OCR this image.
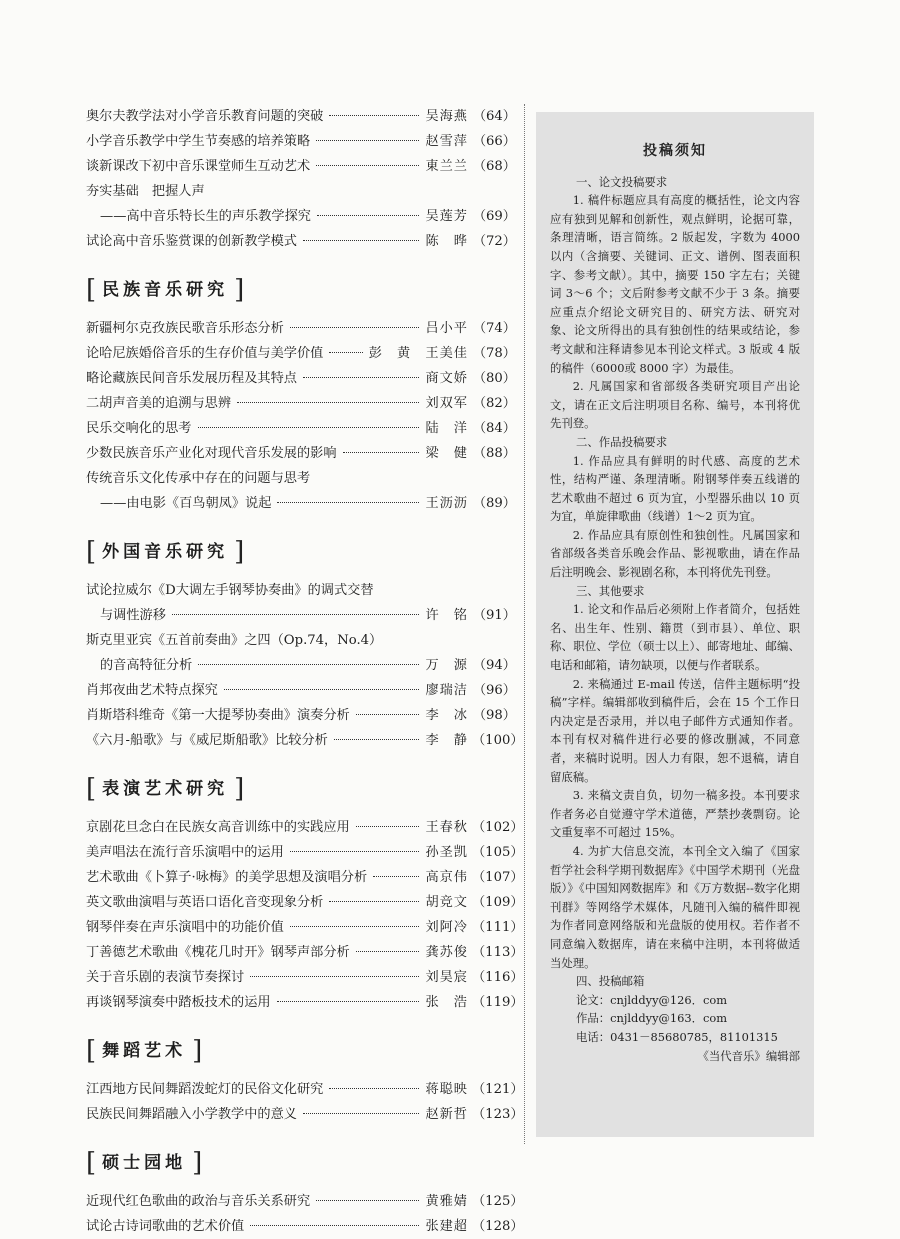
奥尔夫教学法对小学音乐教育问题的突破	吴海燕 （64）
小学音乐教学中学生节奏感的培养策略	赵雪萍 （66）
谈新课改下初中音乐课堂师生互动艺术	東兰兰 （68）
夯实基础　把握人声
——高中音乐特长生的声乐教学探究	吴莲芳 （69）
试论高中音乐鉴赏课的创新教学模式	陈　晔 （72）
[ 民族音乐研究 ]
新疆柯尔克孜族民歌音乐形态分析	吕小平 （74）
论哈尼族婚俗音乐的生存价值与美学价值	彭　黄　王美佳 （78）
略论藏族民间音乐发展历程及其特点	商文娇 （80）
二胡声音美的追溯与思辨	刘双军 （82）
民乐交响化的思考	陆　洋 （84）
少数民族音乐产业化对现代音乐发展的影响	梁　健 （88）
传统音乐文化传承中存在的问题与思考
——由电影《百鸟朝凤》说起	王沥沥 （89）
[ 外国音乐研究 ]
试论拉威尔《D大调左手钢琴协奏曲》的调式交替
与调性游移	许　铭 （91）
斯克里亚宾《五首前奏曲》之四（Op.74，No.4）
的音高特征分析	万　源 （94）
肖邦夜曲艺术特点探究	廖瑞洁 （96）
肖斯塔科维奇《第一大提琴协奏曲》演奏分析	李　冰 （98）
《六月-船歌》与《威尼斯船歌》比较分析	李　静 （100）
[ 表演艺术研究 ]
京剧花旦念白在民族女高音训练中的实践应用	王春秋 （102）
美声唱法在流行音乐演唱中的运用	孙圣凯 （105）
艺术歌曲《卜算子·咏梅》的美学思想及演唱分析	高京伟 （107）
英文歌曲演唱与英语口语化音变现象分析	胡竞文 （109）
钢琴伴奏在声乐演唱中的功能价值	刘阿冷 （111）
丁善德艺术歌曲《槐花几时开》钢琴声部分析	龚苏俊 （113）
关于音乐剧的表演节奏探讨	刘昊宸 （116）
再谈钢琴演奏中踏板技术的运用	张　浩 （119）
[ 舞蹈艺术 ]
江西地方民间舞蹈泼蛇灯的民俗文化研究	蒋聪映 （121）
民族民间舞蹈融入小学教学中的意义	赵新哲 （123）
[ 硕士园地 ]
近现代红色歌曲的政治与音乐关系研究	黄雅婧 （125）
试论古诗词歌曲的艺术价值	张建超 （128）
投稿须知
一、论文投稿要求
1. 稿件标题应具有高度的概括性，论文内容应有独到见解和创新性，观点鲜明，论据可靠，条理清晰，语言简练。2 版起发，字数为 4000 以内（含摘要、关键词、正文、谱例、图表面积字、参考文献）。其中，摘要 150 字左右；关键词 3～6 个；文后附参考文献不少于 3 条。摘要应重点介绍论文研究目的、研究方法、研究对象、论文所得出的具有独创性的结果或结论，参考文献和注释请参见本刊论文样式。3 版或 4 版的稿件（6000或 8000 字）为最佳。
2. 凡属国家和省部级各类研究项目产出论文，请在正文后注明项目名称、编号，本刊将优先刊登。
二、作品投稿要求
1. 作品应具有鲜明的时代感、高度的艺术性，结构严谨、条理清晰。附钢琴伴奏五线谱的艺术歌曲不超过 6 页为宜，小型器乐曲以 10 页为宜，单旋律歌曲（线谱）1～2 页为宜。
2. 作品应具有原创性和独创性。凡属国家和省部级各类音乐晚会作品、影视歌曲，请在作品后注明晚会、影视剧名称，本刊将优先刊登。
三、其他要求
1. 论文和作品后必须附上作者简介，包括姓名、出生年、性别、籍贯（到市县）、单位、职称、职位、学位（硕士以上）、邮寄地址、邮编、电话和邮箱，请勿缺项，以便与作者联系。
2. 来稿通过 E-mail 传送，信件主题标明“投稿”字样。编辑部收到稿件后，会在 15 个工作日内决定是否录用，并以电子邮件方式通知作者。本刊有权对稿件进行必要的修改删减，不同意者，来稿时说明。因人力有限，恕不退稿，请自留底稿。
3. 来稿文责自负，切勿一稿多投。本刊要求作者务必自觉遵守学术道德，严禁抄袭剽窃。论文重复率不可超过 15%。
4. 为扩大信息交流，本刊全文入编了《国家哲学社会科学期刊数据库》《中国学术期刊（光盘版）》《中国知网数据库》和《万方数据--数字化期刊群》等网络学术媒体，凡随刊入编的稿件即视为作者同意网络版和光盘版的使用权。若作者不同意编入数据库，请在来稿中注明，本刊将做适当处理。
四、投稿邮箱
论文：cnjlddyy@126．com
作品：cnjlddyy@163．com
电话：0431－85680785，81101315
《当代音乐》编辑部
